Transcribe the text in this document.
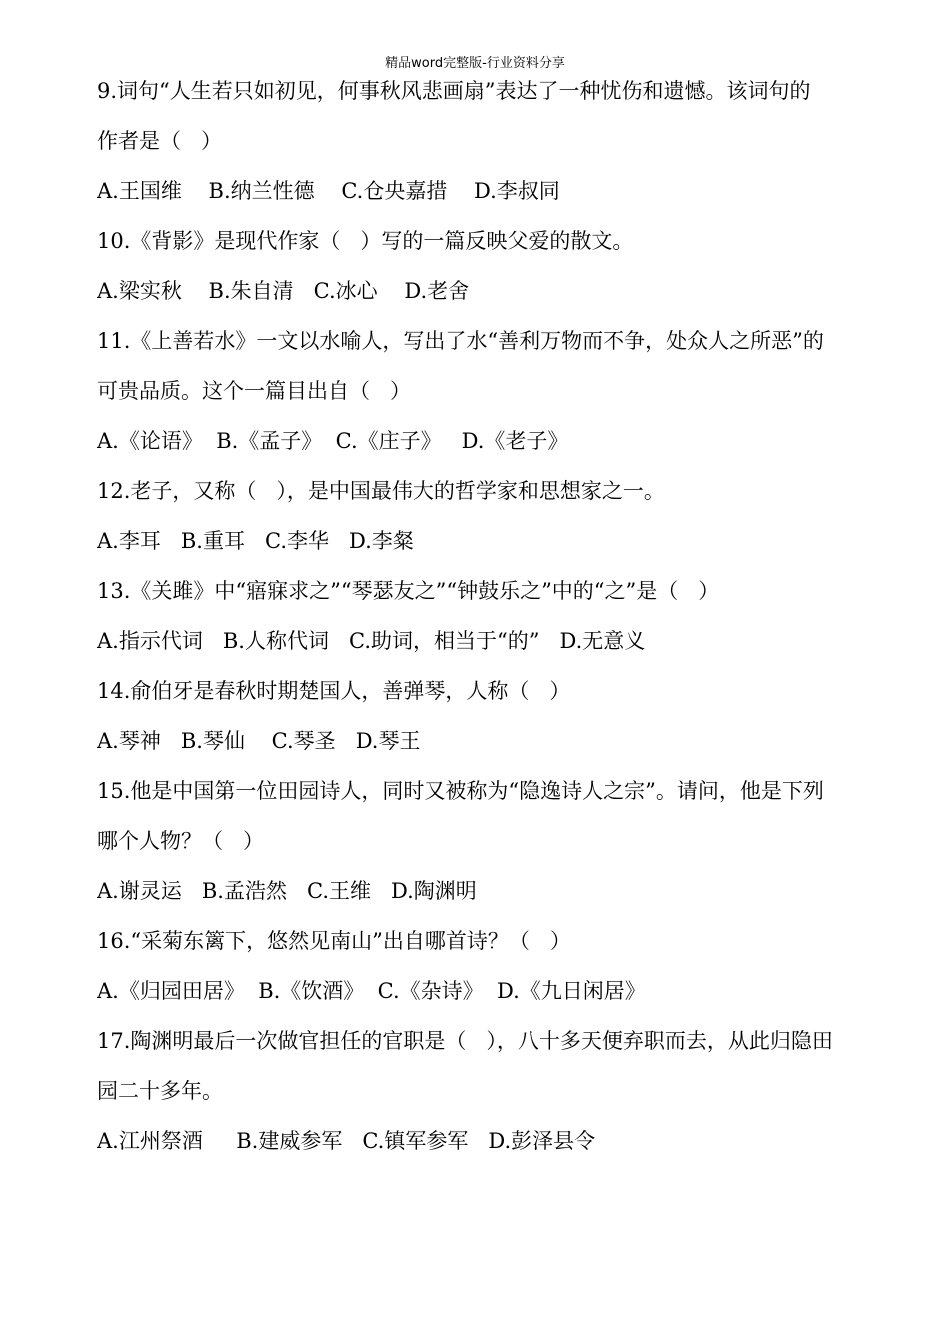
精品word完整版-行业资料分享
9.词句“人生若只如初见，何事秋风悲画扇”表达了一种忧伤和遗憾。该词句的
作者是（   ）
A.王国维    B.纳兰性德    C.仓央嘉措    D.李叔同
10.《背影》是现代作家（   ）写的一篇反映父爱的散文。
A.梁实秋    B.朱自清   C.冰心    D.老舍
11.《上善若水》一文以水喻人，写出了水“善利万物而不争，处众人之所恶”的
可贵品质。这个一篇目出自（   ）
A.《论语》  B.《孟子》  C.《庄子》   D.《老子》
12.老子，又称（   ），是中国最伟大的哲学家和思想家之一。
A.李耳   B.重耳   C.李华   D.李粲
13.《关雎》中“寤寐求之”“琴瑟友之”“钟鼓乐之”中的“之”是（   ）
A.指示代词   B.人称代词   C.助词，相当于“的”   D.无意义
14.俞伯牙是春秋时期楚国人，善弹琴，人称（   ）
A.琴神   B.琴仙    C.琴圣   D.琴王
15.他是中国第一位田园诗人，同时又被称为“隐逸诗人之宗”。请问，他是下列
哪个人物？（   ）
A.谢灵运   B.孟浩然   C.王维   D.陶渊明
16.“采菊东篱下，悠然见南山”出自哪首诗？（   ）
A.《归园田居》  B.《饮酒》  C.《杂诗》  D.《九日闲居》
17.陶渊明最后一次做官担任的官职是（   ），八十多天便弃职而去，从此归隐田
园二十多年。
A.江州祭酒     B.建威参军   C.镇军参军   D.彭泽县令
